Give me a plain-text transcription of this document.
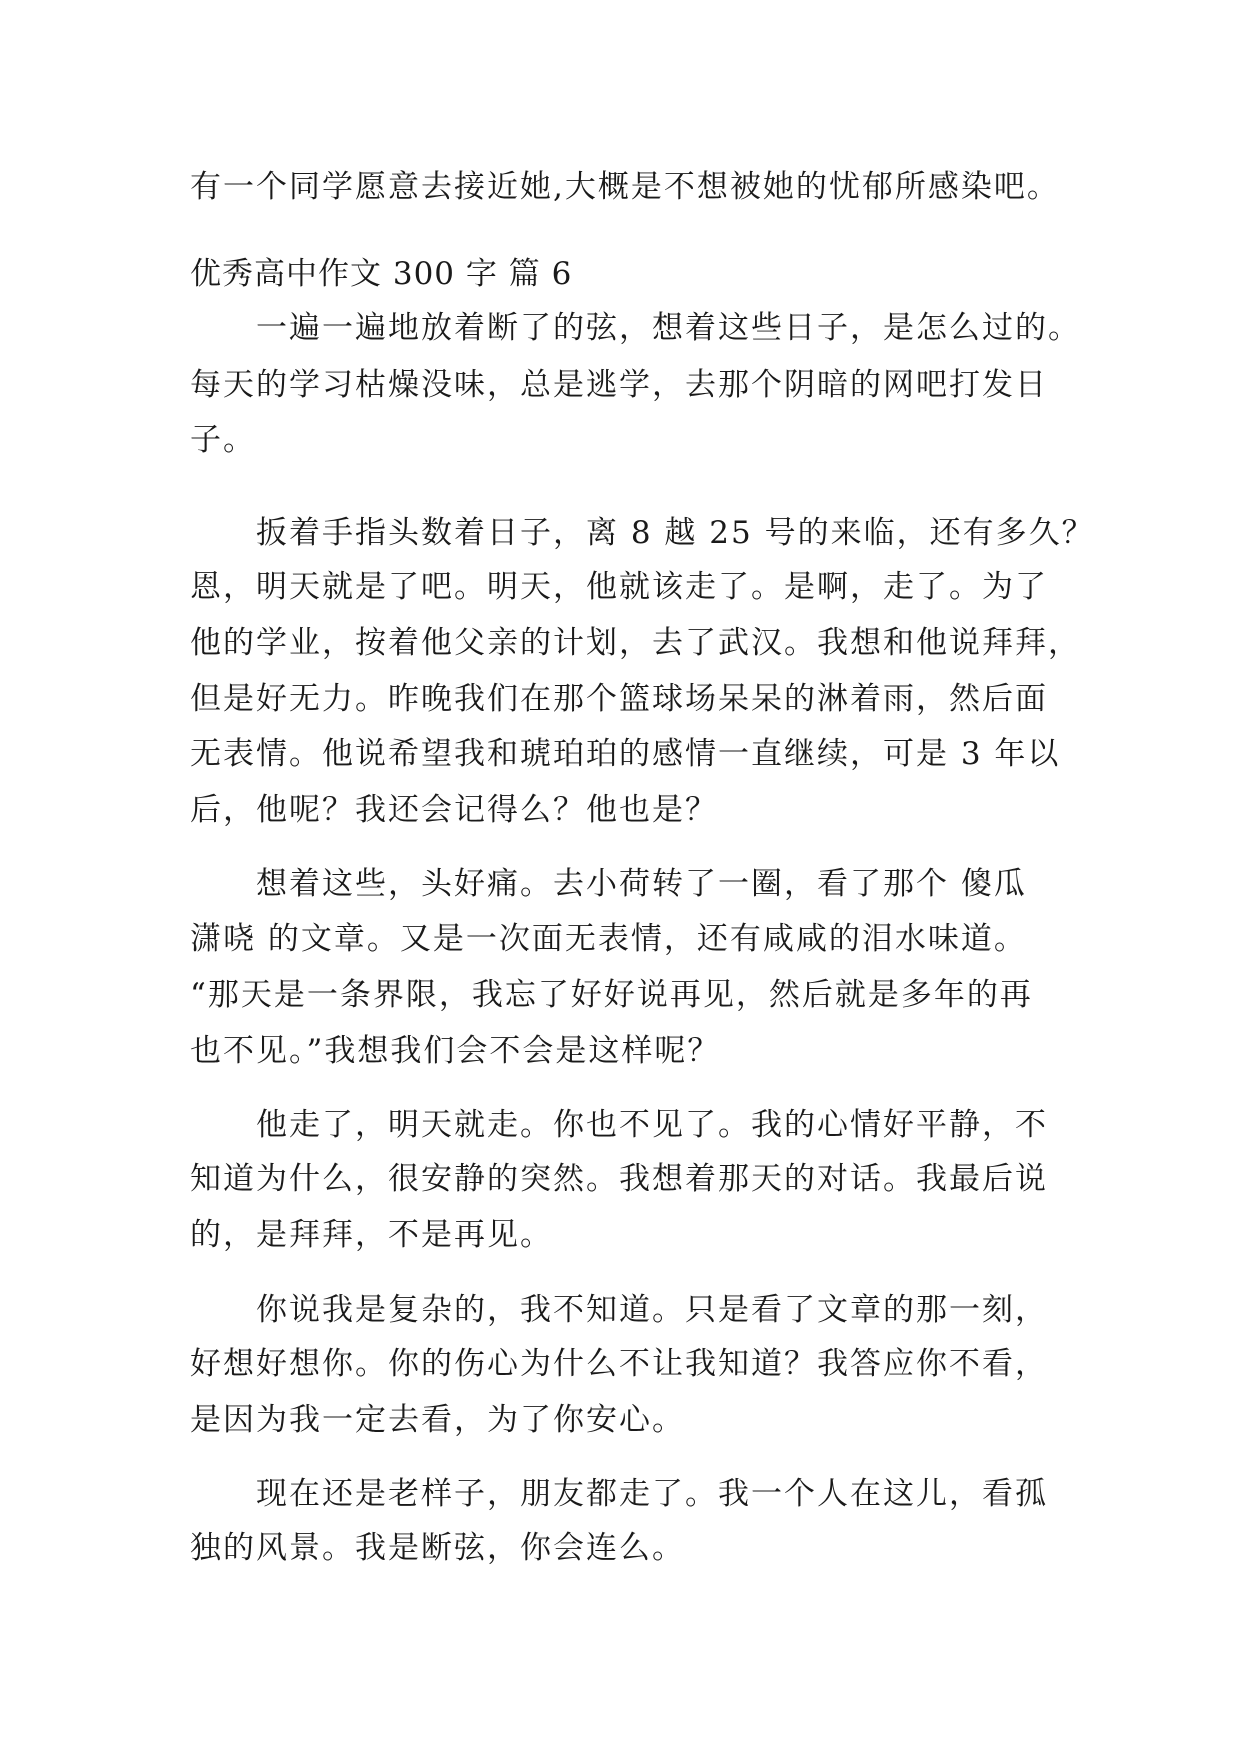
有一个同学愿意去接近她,大概是不想被她的忧郁所感染吧。
优秀高中作文 300 字 篇 6
　　一遍一遍地放着断了的弦，想着这些日子，是怎么过的。
每天的学习枯燥没味，总是逃学，去那个阴暗的网吧打发日
子。
　　扳着手指头数着日子，离 8 越 25 号的来临，还有多久？
恩，明天就是了吧。明天，他就该走了。是啊，走了。为了
他的学业，按着他父亲的计划，去了武汉。我想和他说拜拜，
但是好无力。昨晚我们在那个篮球场呆呆的淋着雨，然后面
无表情。他说希望我和琥珀珀的感情一直继续，可是 3 年以
后，他呢？我还会记得么？他也是？
　　想着这些，头好痛。去小荷转了一圈，看了那个 傻瓜
潇哓 的文章。又是一次面无表情，还有咸咸的泪水味道。
“那天是一条界限，我忘了好好说再见，然后就是多年的再
也不见。”我想我们会不会是这样呢？
　　他走了，明天就走。你也不见了。我的心情好平静，不
知道为什么，很安静的突然。我想着那天的对话。我最后说
的，是拜拜，不是再见。
　　你说我是复杂的，我不知道。只是看了文章的那一刻，
好想好想你。你的伤心为什么不让我知道？我答应你不看，
是因为我一定去看，为了你安心。
　　现在还是老样子，朋友都走了。我一个人在这儿，看孤
独的风景。我是断弦，你会连么。
